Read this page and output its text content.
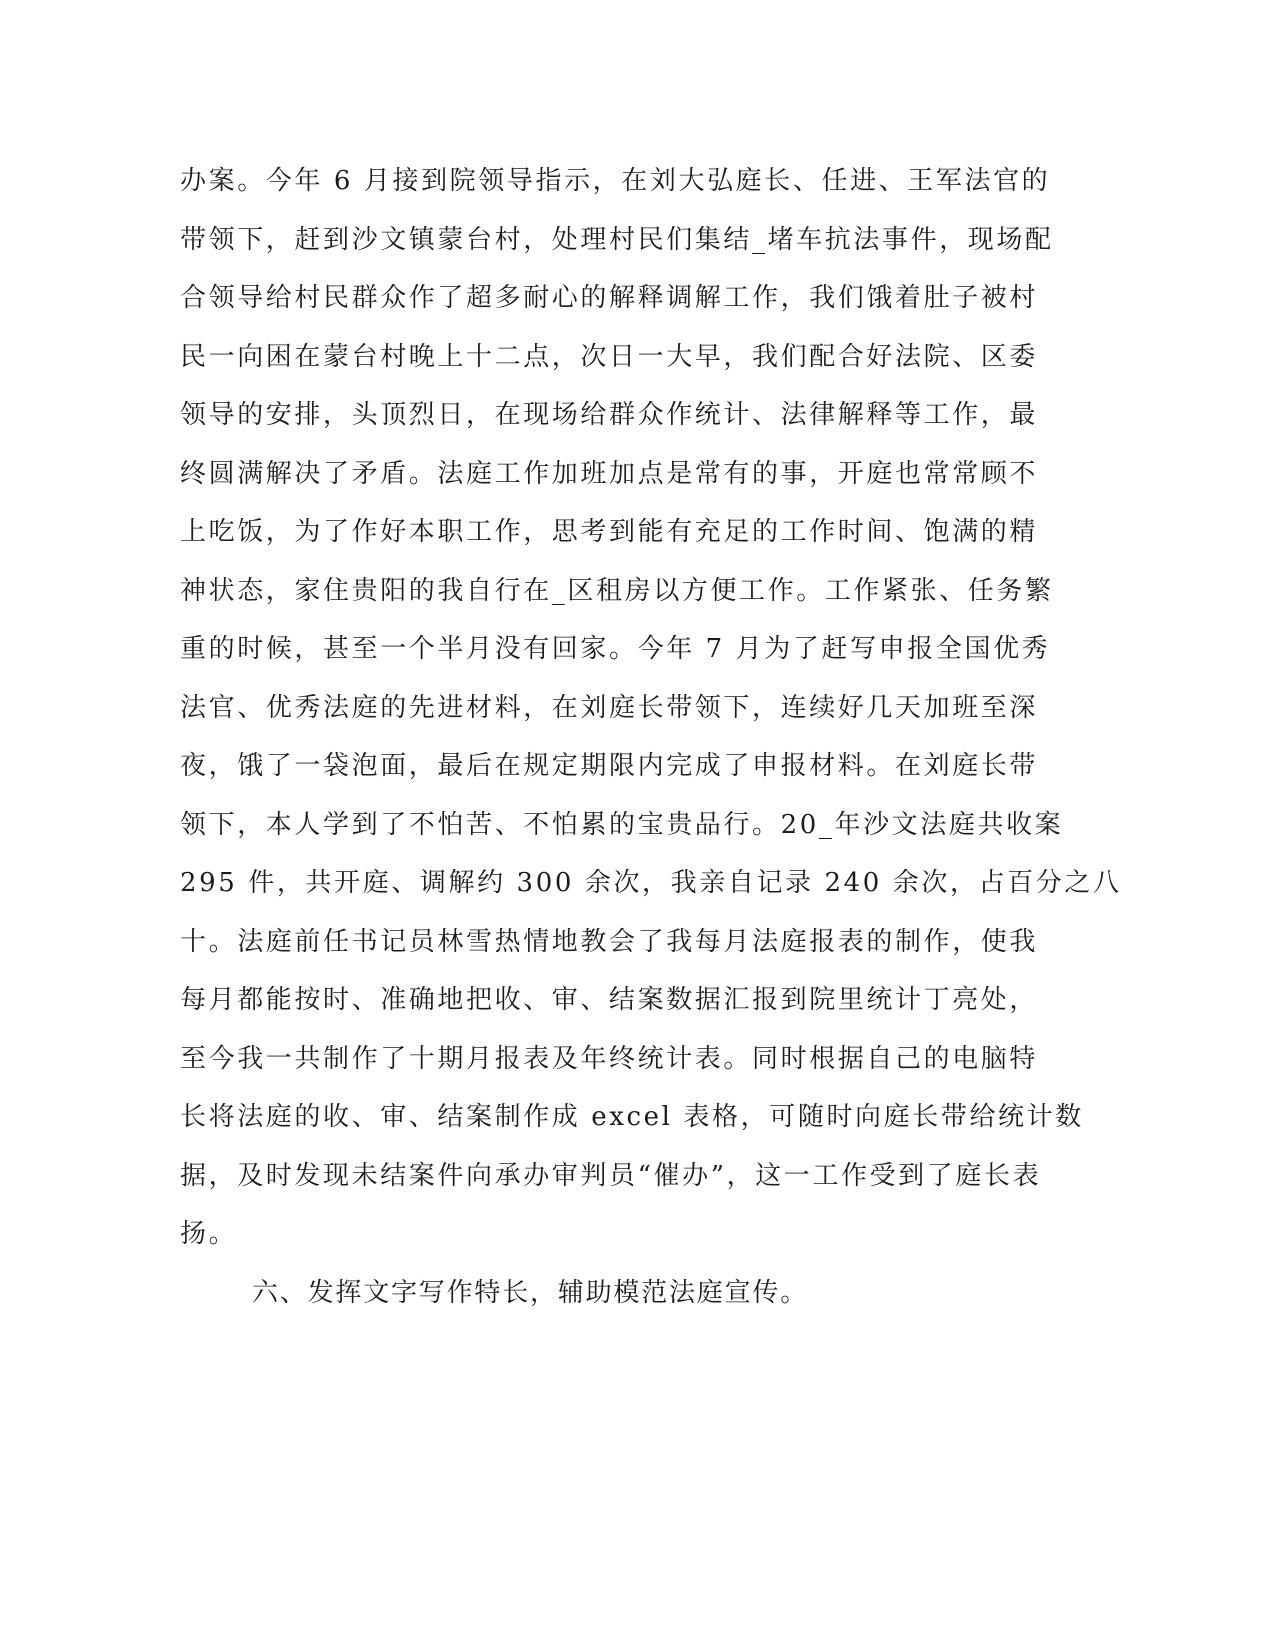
办案。今年 6 月接到院领导指示，在刘大弘庭长、任进、王军法官的
带领下，赶到沙文镇蒙台村，处理村民们集结_堵车抗法事件，现场配
合领导给村民群众作了超多耐心的解释调解工作，我们饿着肚子被村
民一向困在蒙台村晚上十二点，次日一大早，我们配合好法院、区委
领导的安排，头顶烈日，在现场给群众作统计、法律解释等工作，最
终圆满解决了矛盾。法庭工作加班加点是常有的事，开庭也常常顾不
上吃饭，为了作好本职工作，思考到能有充足的工作时间、饱满的精
神状态，家住贵阳的我自行在_区租房以方便工作。工作紧张、任务繁
重的时候，甚至一个半月没有回家。今年 7 月为了赶写申报全国优秀
法官、优秀法庭的先进材料，在刘庭长带领下，连续好几天加班至深
夜，饿了一袋泡面，最后在规定期限内完成了申报材料。在刘庭长带
领下，本人学到了不怕苦、不怕累的宝贵品行。20_年沙文法庭共收案
295 件，共开庭、调解约 300 余次，我亲自记录 240 余次，占百分之八
十。法庭前任书记员林雪热情地教会了我每月法庭报表的制作，使我
每月都能按时、准确地把收、审、结案数据汇报到院里统计丁亮处，
至今我一共制作了十期月报表及年终统计表。同时根据自己的电脑特
长将法庭的收、审、结案制作成 excel 表格，可随时向庭长带给统计数
据，及时发现未结案件向承办审判员“催办”，这一工作受到了庭长表
扬。
六、发挥文字写作特长，辅助模范法庭宣传。
